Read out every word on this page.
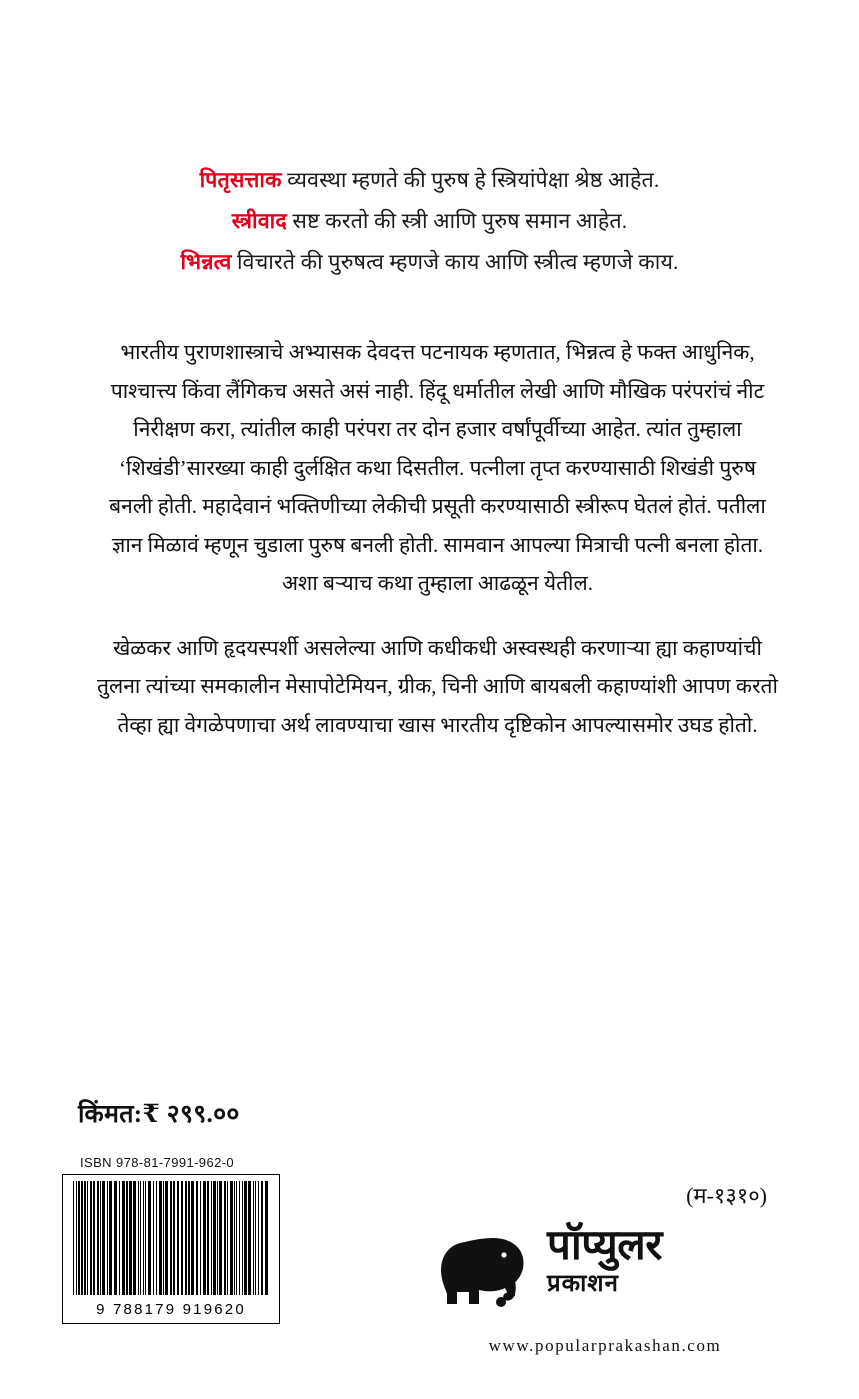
पितृसत्ताक व्यवस्था म्हणते की पुरुष हे स्त्रियांपेक्षा श्रेष्ठ आहेत.
स्त्रीवाद सष्ट करतो की स्त्री आणि पुरुष समान आहेत.
भिन्नत्व विचारते की पुरुषत्व म्हणजे काय आणि स्त्रीत्व म्हणजे काय.

भारतीय पुराणशास्त्राचे अभ्यासक देवदत्त पटनायक म्हणतात, भिन्नत्व हे फक्त आधुनिक, पाश्चात्त्य किंवा लैंगिकच असते असं नाही. हिंदू धर्मातील लेखी आणि मौखिक परंपरांचं नीट निरीक्षण करा, त्यांतील काही परंपरा तर दोन हजार वर्षांपूर्वीच्या आहेत. त्यांत तुम्हाला ‘शिखंडी’सारख्या काही दुर्लक्षित कथा दिसतील. पत्नीला तृप्त करण्यासाठी शिखंडी पुरुष बनली होती. महादेवानं भक्तिणीच्या लेकीची प्रसूती करण्यासाठी स्त्रीरूप घेतलं होतं. पतीला ज्ञान मिळावं म्हणून चुडाला पुरुष बनली होती. सामवान आपल्या मित्राची पत्नी बनला होता. अशा बऱ्याच कथा तुम्हाला आढळून येतील.

खेळकर आणि हृदयस्पर्शी असलेल्या आणि कधीकधी अस्वस्थही करणाऱ्या ह्या कहाण्यांची तुलना त्यांच्या समकालीन मेसापोटेमियन, ग्रीक, चिनी आणि बायबली कहाण्यांशी आपण करतो तेव्हा ह्या वेगळेपणाचा अर्थ लावण्याचा खास भारतीय दृष्टिकोन आपल्यासमोर उघड होतो.

किंमत:₹ २९९.००
ISBN 978-81-7991-962-0
9 788179 919620
(म-१३१०)
पॉप्युलर
प्रकाशन
www.popularprakashan.com
